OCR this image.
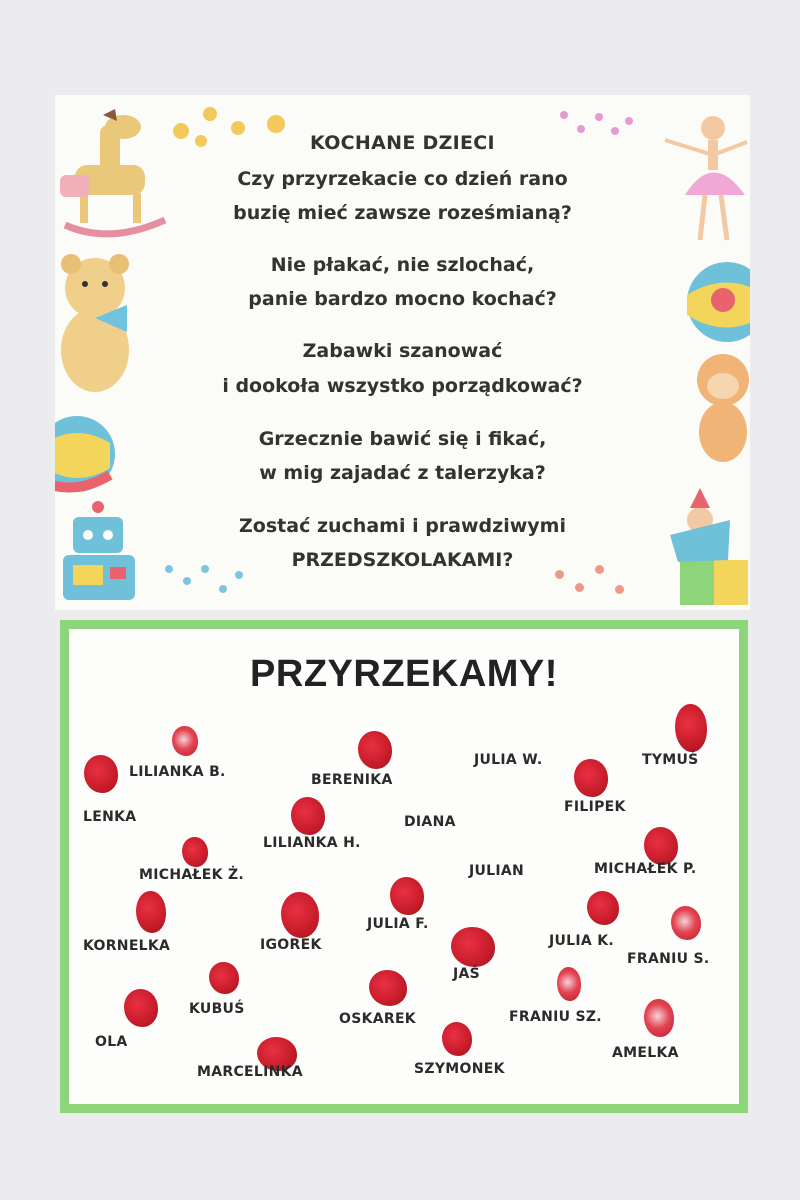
KOCHANE DZIECI
Czy przyrzekacie co dzień rano
buzię mieć zawsze roześmianą?
Nie płakać, nie szlochać,
panie bardzo mocno kochać?
Zabawki szanować
i dookoła wszystko porządkować?
Grzecznie bawić się i fikać,
w mig zajadać z talerzyka?
Zostać zuchami i prawdziwymi
PRZEDSZKOLAKAMI?
PRZYRZEKAMY!
LILIANKA B.	BERENIKA
JULIA W.	TYMUŚ
LENKA
FILIPEK
DIANA
LILIANKA H.
MICHAŁEK Ż.	JULIAN	MICHAŁEK P.
JULIA F.
KORNELKA	IGOREK	JULIA K.
FRANIU S.
JAŚ
KUBUŚ
OSKAREK	FRANIU SZ.
OLA
AMELKA
MARCELINKA	SZYMONEK
